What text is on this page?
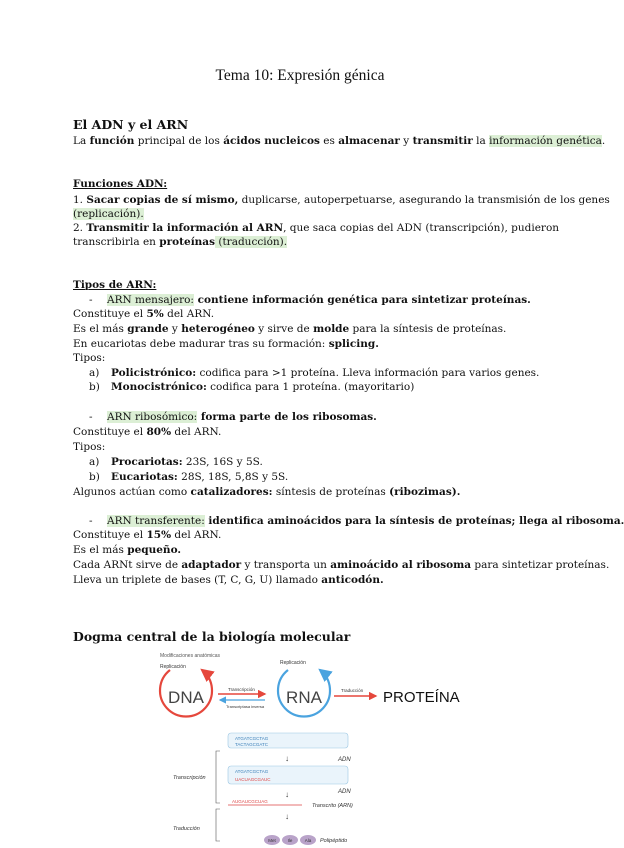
Tema 10: Expresión génica
El ADN y el ARN
La función principal de los ácidos nucleicos es almacenar y transmitir la información genética.
Funciones ADN:
1. Sacar copias de sí mismo, duplicarse, autoperpetuarse, asegurando la transmisión de los genes
(replicación).
2. Transmitir la información al ARN, que saca copias del ADN (transcripción), pudieron
transcribirla en proteínas (traducción).
Tipos de ARN:
- ARN mensajero: contiene información genética para sintetizar proteínas.
Constituye el 5% del ARN.
Es el más grande y heterogéneo y sirve de molde para la síntesis de proteínas.
En eucariotas debe madurar tras su formación: splicing.
Tipos:
a) Policistrónico: codifica para >1 proteína. Lleva información para varios genes.
b) Monocistrónico: codifica para 1 proteína. (mayoritario)
- ARN ribosómico: forma parte de los ribosomas.
Constituye el 80% del ARN.
Tipos:
a) Procariotas: 23S, 16S y 5S.
b) Eucariotas: 28S, 18S, 5,8S y 5S.
Algunos actúan como catalizadores: síntesis de proteínas (ribozimas).
- ARN transferente: identifica aminoácidos para la síntesis de proteínas; llega al ribosoma.
Constituye el 15% del ARN.
Es el más pequeño.
Cada ARNt sirve de adaptador y transporta un aminoácido al ribosoma para sintetizar proteínas.
Lleva un triplete de bases (T, C, G, U) llamado anticodón.
Dogma central de la biología molecular
Modificaciones anatómicas
Replicación
DNA	Transcripción
Transcriptasa inversa
Replicación
RNA	Traducción PROTEÍNA
ATGATCGCTAG
TACTAGCGATC
ADN
↓
ATGATCGCTAG
UACUAGCGAUC
ADN
↓
AUGAUCGCUAG
Transcrito (ARN)
↓
Transcripción
Traducción
Met	Ile	Ala Polipéptido
